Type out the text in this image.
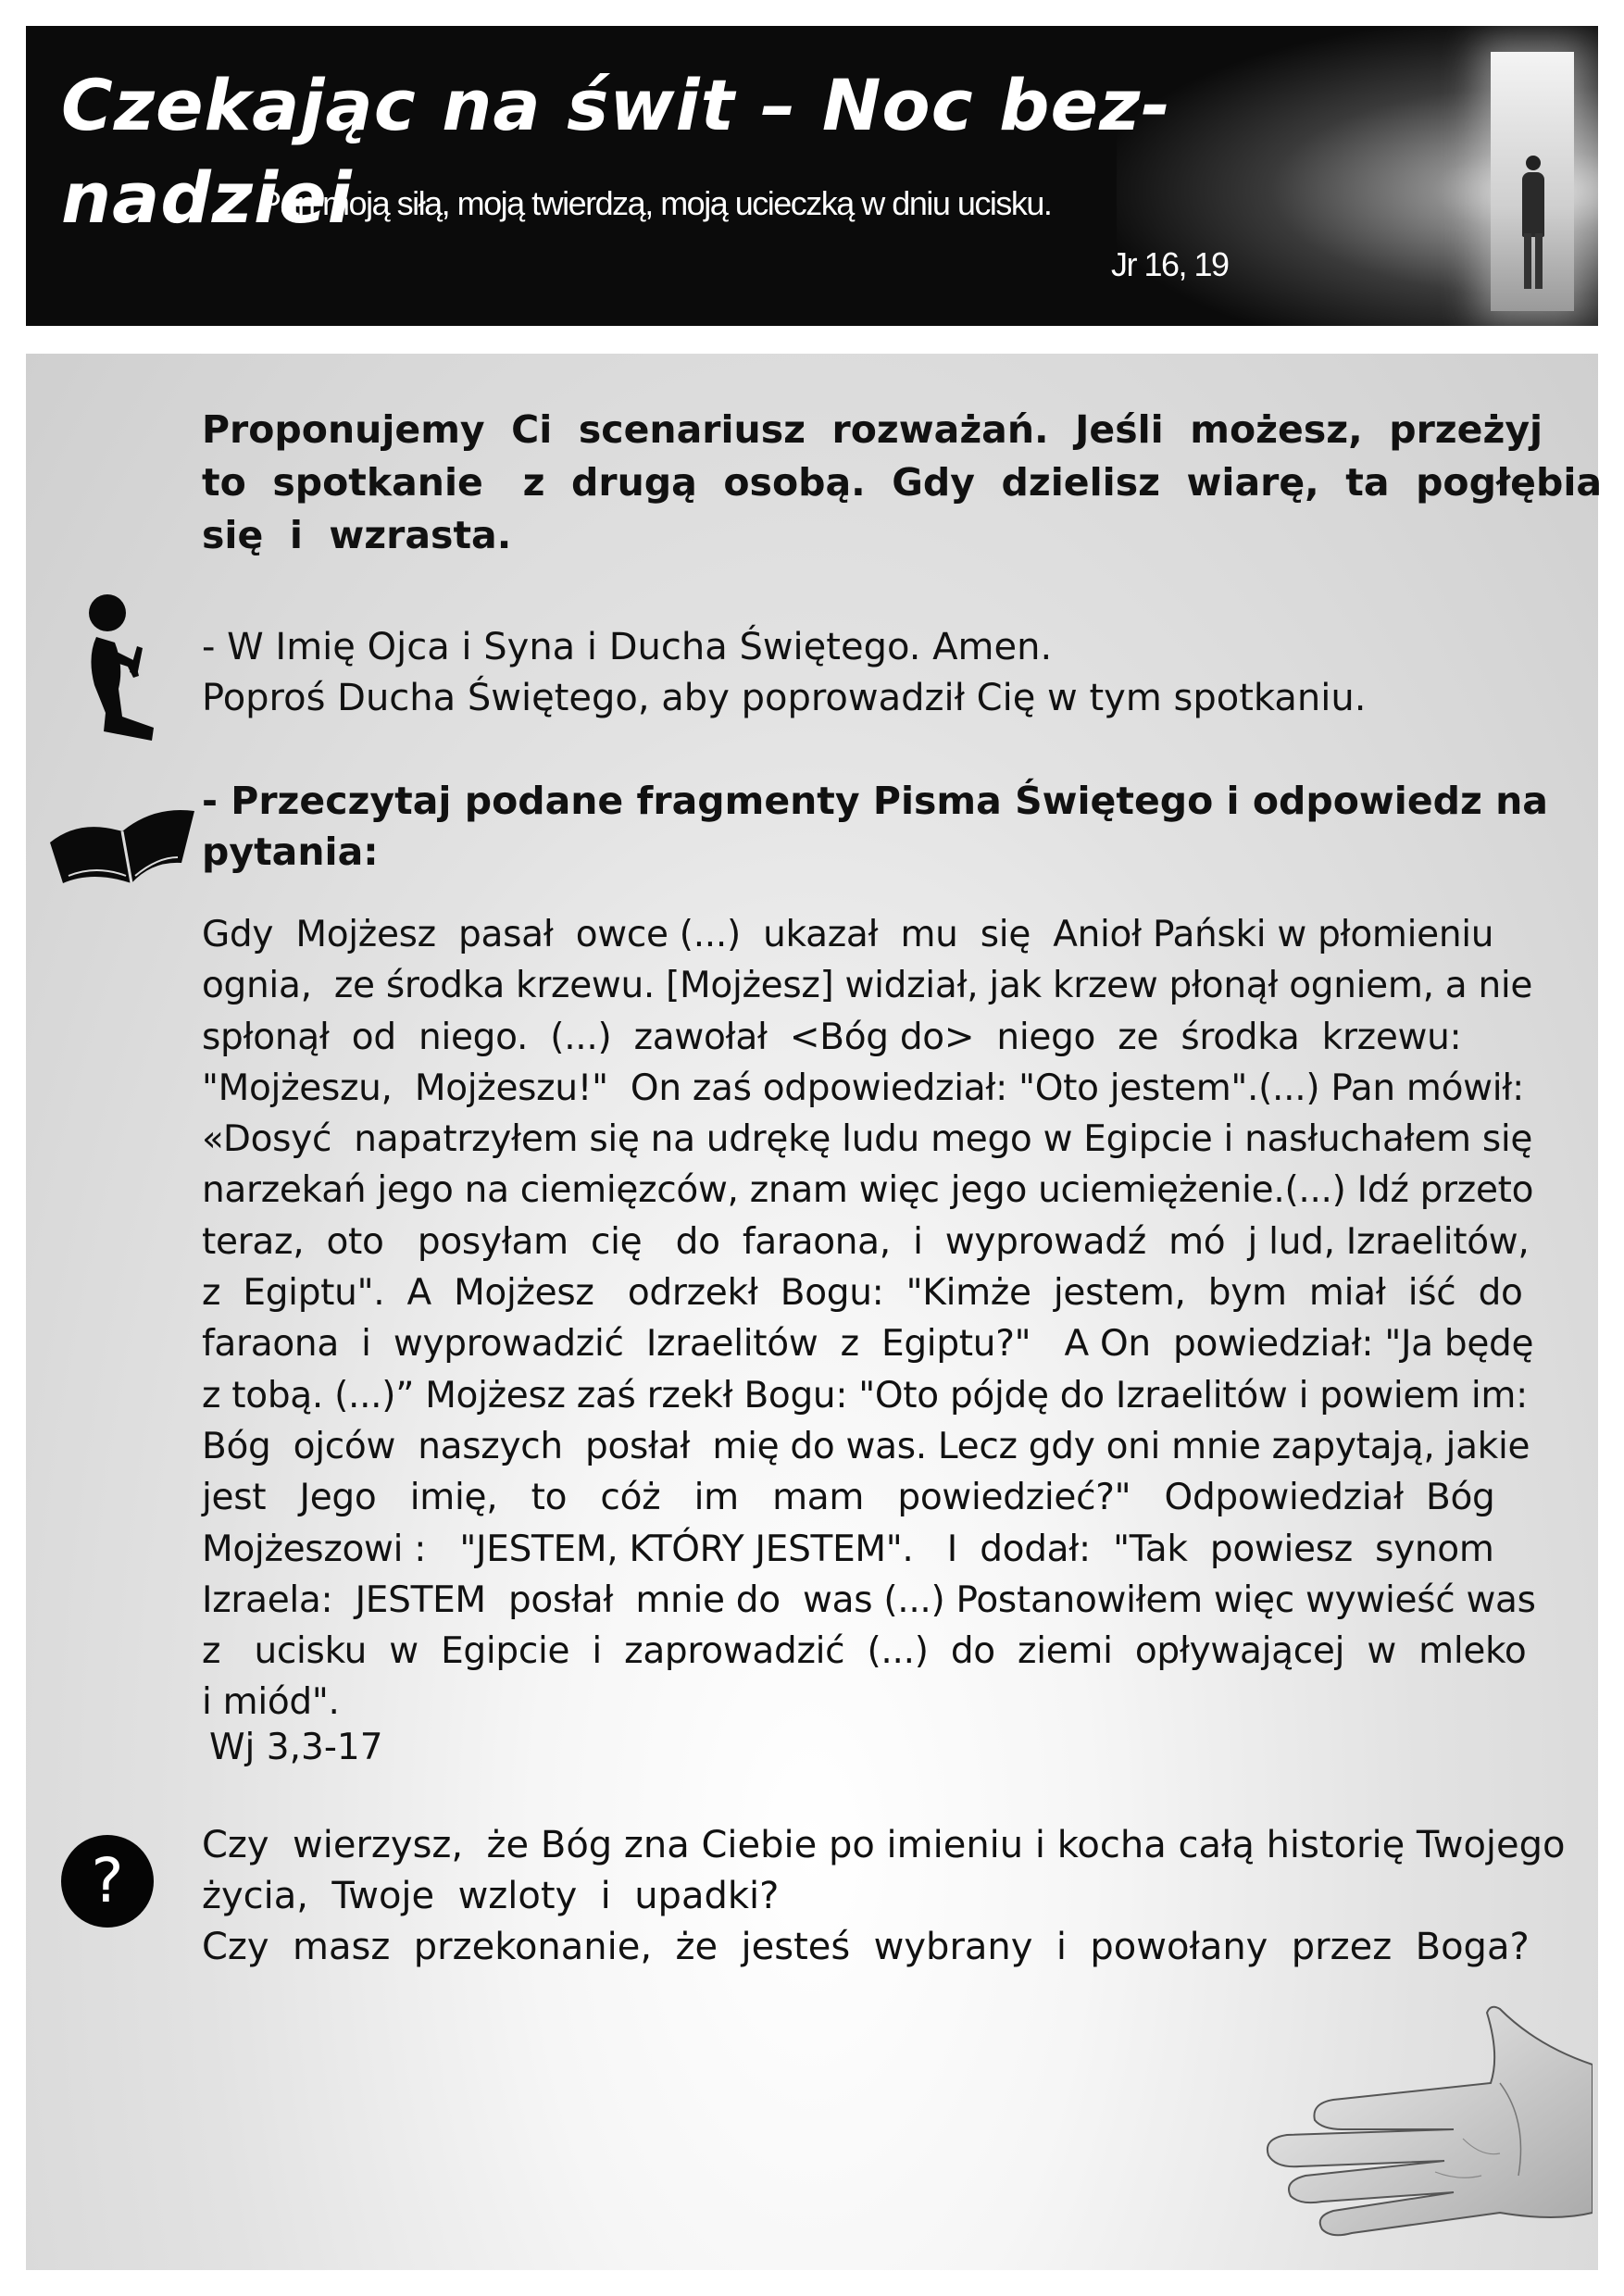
Czekając na świt – Noc bez-nadziei
Pan moją siłą, moją twierdzą, moją ucieczką w dniu ucisku.
Jr 16, 19
Proponujemy  Ci  scenariusz  rozważań.  Jeśli  możesz,  przeżyj
to  spotkanie   z  drugą  osobą.  Gdy  dzielisz  wiarę,  ta  pogłębia
się  i  wzrasta.
- W Imię Ojca i Syna i Ducha Świętego. Amen.
Poproś Ducha Świętego, aby poprowadził Cię w tym spotkaniu.
- Przeczytaj podane fragmenty Pisma Świętego i odpowiedz na
pytania:
Gdy  Mojżesz  pasał  owce (...)  ukazał  mu  się  Anioł Pański w płomieniu
ognia,  ze środka krzewu. [Mojżesz] widział, jak krzew płonął ogniem, a nie
spłonął  od  niego.  (...)  zawołał  <Bóg do>  niego  ze  środka  krzewu:
"Mojżeszu,  Mojżeszu!"  On zaś odpowiedział: "Oto jestem".(...) Pan mówił:
«Dosyć  napatrzyłem się na udrękę ludu mego w Egipcie i nasłuchałem się
narzekań jego na ciemięzców, znam więc jego uciemiężenie.(...) Idź przeto
teraz,  oto   posyłam  cię   do  faraona,  i  wyprowadź  mó  j lud, Izraelitów,
z  Egiptu".  A  Mojżesz   odrzekł  Bogu:  "Kimże  jestem,  bym  miał  iść  do
faraona  i  wyprowadzić  Izraelitów  z  Egiptu?"   A On  powiedział: "Ja będę
z tobą. (...)” Mojżesz zaś rzekł Bogu: "Oto pójdę do Izraelitów i powiem im:
Bóg  ojców  naszych  posłał  mię do was. Lecz gdy oni mnie zapytają, jakie
jest   Jego   imię,   to   cóż   im   mam   powiedzieć?"   Odpowiedział  Bóg
Mojżeszowi :   "JESTEM, KTÓRY JESTEM".   I  dodał:  "Tak  powiesz  synom
Izraela:  JESTEM  posłał  mnie do  was (...) Postanowiłem więc wywieść was
z   ucisku  w  Egipcie  i  zaprowadzić  (...)  do  ziemi  opływającej  w  mleko
i miód".
Wj 3,3-17
?	Czy  wierzysz,  że Bóg zna Ciebie po imieniu i kocha całą historię Twojego
życia,  Twoje  wzloty  i  upadki?
Czy  masz  przekonanie,  że  jesteś  wybrany  i  powołany  przez  Boga?
